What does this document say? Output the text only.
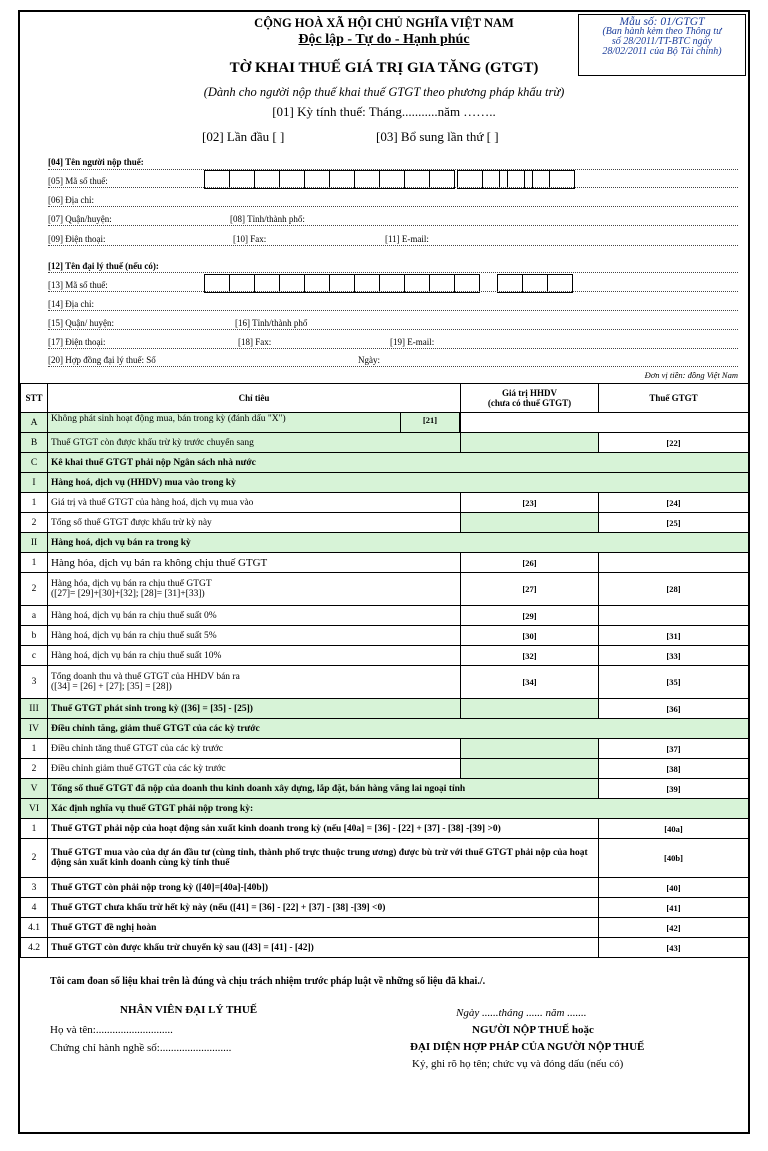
CỘNG HOÀ XÃ HỘI CHỦ NGHĨA VIỆT NAM
Độc lập - Tự do - Hạnh phúc
TỜ KHAI THUẾ GIÁ TRỊ GIA TĂNG (GTGT)
(Dành cho người nộp thuế khai thuế GTGT theo phương pháp khấu trừ)
[01] Kỳ tính thuế: Tháng...........năm ……..
Mẫu số: 01/GTGT
(Ban hành kèm theo Thông tư
số 28/2011/TT-BTC ngày
28/02/2011 của Bộ Tài chính)
[02] Lần đầu [ ]	[03] Bổ sung lần thứ [ ]
[04] Tên người nộp thuế:
[05] Mã số thuế:
[06] Địa chỉ:
[07] Quận/huyện:	[08] Tỉnh/thành phố:
[09] Điện thoại:	[10] Fax:	[11] E-mail:
[12] Tên đại lý thuế (nếu có):
[13] Mã số thuế:
[14] Địa chỉ:
[15] Quận/ huyện:	[16] Tỉnh/thành phố
[17] Điện thoại:	[18] Fax:	[19] E-mail:
[20] Hợp đồng đại lý thuế: Số	Ngày:
Đơn vị tiền: đồng Việt Nam
STT	Chỉ tiêu	Giá trị HHDV
(chưa có thuế GTGT)	Thuế GTGT
A	Không phát sinh hoạt động mua, bán trong kỳ (đánh dấu "X") [21]		

B	Thuế GTGT còn được khấu trừ kỳ trước chuyển sang		[22]
C	Kê khai thuế GTGT phải nộp Ngân sách nhà nước		
I	Hàng hoá, dịch vụ (HHDV) mua vào trong kỳ		
1	Giá trị và thuế GTGT của hàng hoá, dịch vụ mua vào	[23]	[24]
2	Tổng số thuế GTGT được khấu trừ kỳ này		[25]
II	Hàng hoá, dịch vụ bán ra trong kỳ		
1	Hàng hóa, dịch vụ bán ra không chịu thuế GTGT	[26]	
2	Hàng hóa, dịch vụ bán ra chịu thuế GTGT
([27]= [29]+[30]+[32]; [28]= [31]+[33])	[27]	[28]
a	Hàng hoá, dịch vụ bán ra chịu thuế suất 0%	[29]	
b	Hàng hoá, dịch vụ bán ra chịu thuế suất 5%	[30]	[31]
c	Hàng hoá, dịch vụ bán ra chịu thuế suất 10%	[32]	[33]
3	Tổng doanh thu và thuế GTGT của HHDV bán ra
([34] = [26] + [27]; [35] = [28])	[34]	[35]
III	Thuế GTGT phát sinh trong kỳ ([36] = [35] - [25])		[36]
IV	Điều chỉnh tăng, giảm thuế GTGT của các kỳ trước		
1	Điều chỉnh tăng thuế GTGT của các kỳ trước		[37]
2	Điều chỉnh giảm thuế GTGT của các kỳ trước		[38]
V	Tổng số thuế GTGT đã nộp của doanh thu kinh doanh xây dựng, lắp đặt, bán hàng vãng lai ngoại tỉnh		[39]
VI	Xác định nghĩa vụ thuế GTGT phải nộp trong kỳ:		
1	Thuế GTGT phải nộp của hoạt động sản xuất kinh doanh trong kỳ (nếu [40a] = [36] - [22] + [37] - [38] -[39] >0)		[40a]
2	Thuế GTGT mua vào của dự án đầu tư (cùng tỉnh, thành phố trực thuộc trung ương) được bù trừ với thuế GTGT phải nộp của hoạt động sản xuất kinh doanh cùng kỳ tính thuế		[40b]
3	Thuế GTGT còn phải nộp trong kỳ ([40]=[40a]-[40b])		[40]
4	Thuế GTGT chưa khấu trừ hết kỳ này (nếu ([41] = [36] - [22] + [37] - [38] -[39] <0)		[41]
4.1	Thuế GTGT đề nghị hoàn		[42]
4.2	Thuế GTGT còn được khấu trừ chuyển kỳ sau ([43] = [41] - [42])		[43]
Tôi cam đoan số liệu khai trên là đúng và chịu trách nhiệm trước pháp luật về những số liệu đã khai./.
NHÂN VIÊN ĐẠI LÝ THUẾ
Họ và tên:............................
Chứng chỉ hành nghề số:..........................
Ngày ......tháng ...... năm .......
NGƯỜI NỘP THUẾ hoặc
ĐẠI DIỆN HỢP PHÁP CỦA NGƯỜI NỘP THUẾ
Ký, ghi rõ họ tên; chức vụ và đóng dấu (nếu có)
